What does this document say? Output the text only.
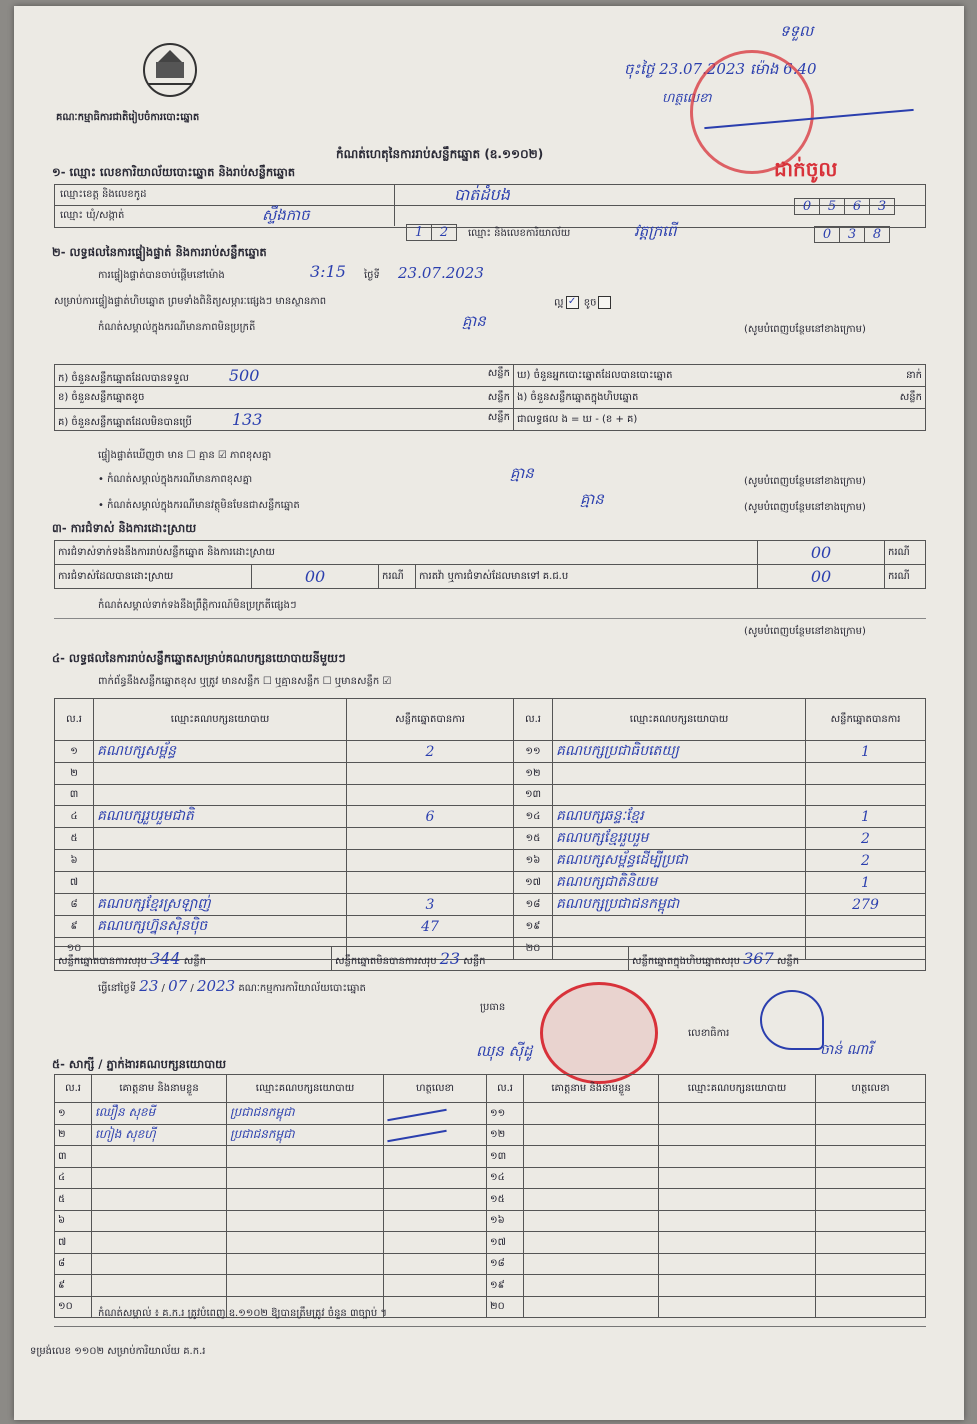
គណៈកម្មាធិការជាតិរៀបចំការបោះឆ្នោត
ទទួល
ចុះថ្ងៃ 23.07.2023 ម៉ោង 6.40
ហត្ថលេខា
ដាក់ចូល
កំណត់ហេតុនៃការរាប់សន្លឹកឆ្នោត (ឧ.១១០២)
១- ឈ្មោះ លេខការិយាល័យបោះឆ្នោត និងរាប់សន្លឹកឆ្នោត
ឈ្មោះខេត្ត និងលេខកូដ	បាត់ដំបង
0	5	6	3
ឈ្មោះ ឃុំ/សង្កាត់	ស្ទឹងកាច
1	2 ឈ្មោះ និងលេខការិយាល័យ	វត្តក្រពើ	0	3	8
២- លទ្ធផលនៃការផ្ទៀងផ្ទាត់ និងការរាប់សន្លឹកឆ្នោត
ការផ្ទៀងផ្ទាត់បានចាប់ផ្តើមនៅម៉ោង	3:15 ថ្ងៃទី 23.07.2023
សម្រាប់ការផ្ទៀងផ្ទាត់ហិបឆ្នោត ព្រមទាំងពិនិត្យសម្ភារៈផ្សេងៗ មានស្ថានភាព	ល្អ ✓ ខូច
កំណត់សម្គាល់ក្នុងករណីមានភាពមិនប្រក្រតី	គ្មាន	(សូមបំពេញបន្ថែមនៅខាងក្រោម)
ក) ចំនួនសន្លឹកឆ្នោតដែលបានទទួល 500 សន្លឹក	ឃ) ចំនួនអ្នកបោះឆ្នោតដែលបានបោះឆ្នោត នាក់

ខ) ចំនួនសន្លឹកឆ្នោតខូច សន្លឹក	ង) ចំនួនសន្លឹកឆ្នោតក្នុងហិបឆ្នោត សន្លឹក

គ) ចំនួនសន្លឹកឆ្នោតដែលមិនបានប្រើ 133 សន្លឹក	ជាលទ្ធផល ង = ឃ - (ខ + គ)
ផ្ទៀងផ្ទាត់ឃើញថា មាន ☐ គ្មាន ☑ ភាពខុសគ្នា
• កំណត់សម្គាល់ក្នុងករណីមានភាពខុសគ្នា	គ្មាន	(សូមបំពេញបន្ថែមនៅខាងក្រោម)
• កំណត់សម្គាល់ក្នុងករណីមានវត្ថុមិនមែនជាសន្លឹកឆ្នោត	គ្មាន	(សូមបំពេញបន្ថែមនៅខាងក្រោម)
៣- ការជំទាស់ និងការដោះស្រាយ
ការជំទាស់ទាក់ទងនឹងការរាប់សន្លឹកឆ្នោត និងការដោះស្រាយ				00	ករណី
ការជំទាស់ដែលបានដោះស្រាយ	00	ករណី	ការតវ៉ា ឬការជំទាស់ដែលមានទៅ គ.ជ.ប	00	ករណី
កំណត់សម្គាល់ទាក់ទងនឹងព្រឹត្តិការណ៍មិនប្រក្រតីផ្សេងៗ
(សូមបំពេញបន្ថែមនៅខាងក្រោម)
៤- លទ្ធផលនៃការរាប់សន្លឹកឆ្នោតសម្រាប់គណបក្សនយោបាយនីមួយៗ
ពាក់ព័ន្ធនឹងសន្លឹកឆ្នោតខុស ឬត្រូវ មានសន្លឹក ☐ ឬគ្មានសន្លឹក ☐ ឬមានសន្លឹក ☑
ល.រ	ឈ្មោះគណបក្សនយោបាយ	សន្លឹកឆ្នោតបានការ	ល.រ	ឈ្មោះគណបក្សនយោបាយ	សន្លឹកឆ្នោតបានការ
១	គណបក្សសម្ព័ន្ធ	2	១១	គណបក្សប្រជាធិបតេយ្យ	1
២			១២		
៣			១៣		
៤	គណបក្សរួបរួមជាតិ	6	១៤	គណបក្សឆន្ទៈខ្មែរ	1
៥			១៥	គណបក្សខ្មែររួបរួម	2
៦			១៦	គណបក្សសម្ព័ន្ធដើម្បីប្រជា	2
៧			១៧	គណបក្សជាតិនិយម	1
៨	គណបក្សខ្មែរស្រឡាញ់	3	១៨	គណបក្សប្រជាជនកម្ពុជា	279
៩	គណបក្សហ្វ៊ុនស៊ិនប៉ិច	47	១៩		
១០			២០		
សន្លឹកឆ្នោតបានការសរុប 344 សន្លឹក	សន្លឹកឆ្នោតមិនបានការសរុប 23 សន្លឹក	សន្លឹកឆ្នោតក្នុងហិបឆ្នោតសរុប 367 សន្លឹក
ធ្វើនៅថ្ងៃទី 23 / 07 / 2023 គណៈកម្មការការិយាល័យបោះឆ្នោត
ប្រធាន
ឈុន ស៊ីដូ
លេខាធិការ
ចាន់ ណារី
៥- សាក្សី / ភ្នាក់ងារគណបក្សនយោបាយ
ល.រ	គោត្តនាម និងនាមខ្លួន	ឈ្មោះគណបក្សនយោបាយ	ហត្ថលេខា	ល.រ	គោត្តនាម និងនាមខ្លួន	ឈ្មោះគណបក្សនយោបាយ	ហត្ថលេខា
១	ឈឿន សុខមី	ប្រជាជនកម្ពុជា		១១			
២	ហៀង សុខហ៊ី	ប្រជាជនកម្ពុជា		១២			
៣				១៣			
៤				១៤			
៥				១៥			
៦				១៦			
៧				១៧			
៨				១៨			
៩				១៩			
១០				២០			
កំណត់សម្គាល់ ៖ គ.ក.រ ត្រូវបំពេញ ឧ.១១០២ ឱ្យបានត្រឹមត្រូវ ចំនួន ៣ច្បាប់ ។
ទម្រង់លេខ ១១០២ សម្រាប់ការិយាល័យ គ.ក.រ
